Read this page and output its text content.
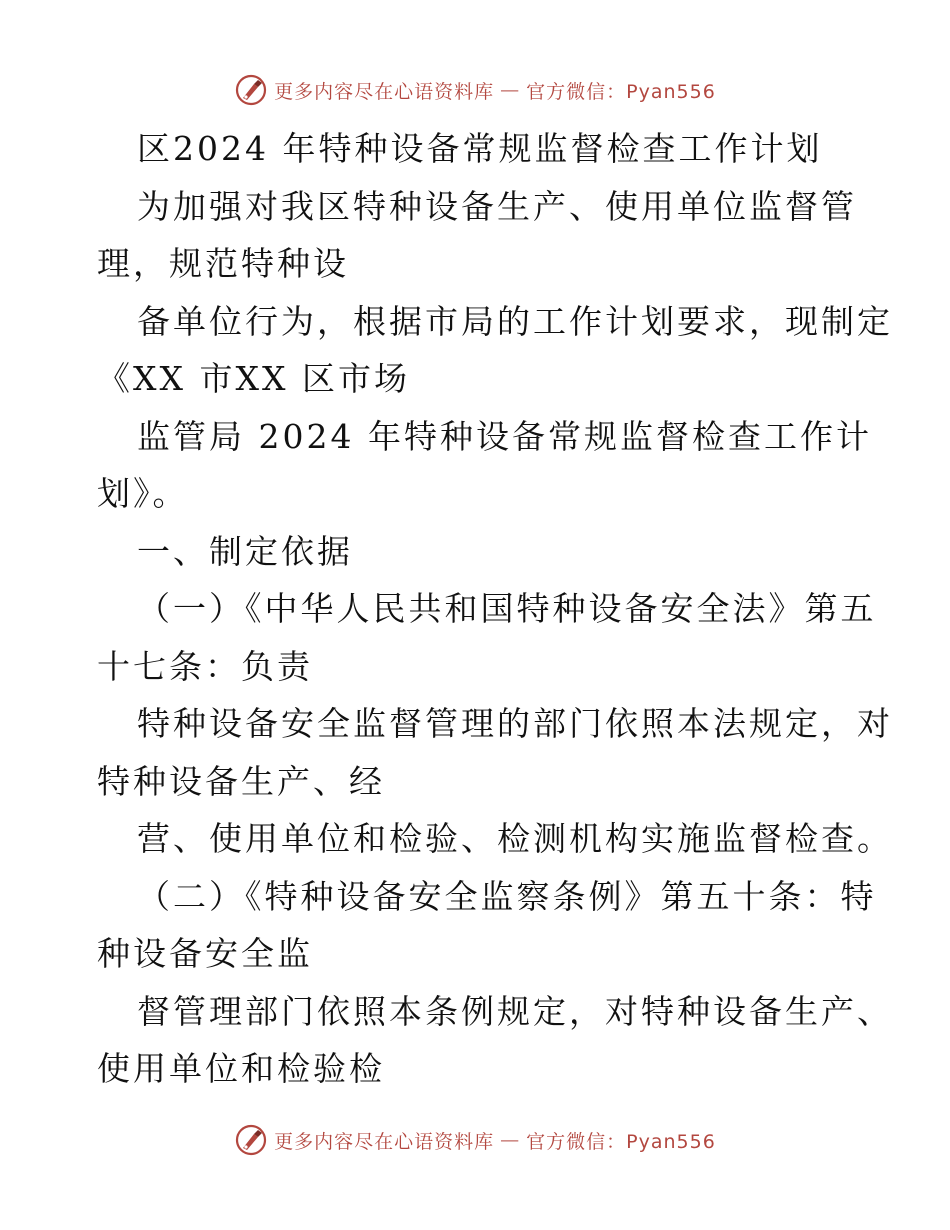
更多内容尽在心语资料库 — 官方微信：Pyan556
区2024 年特种设备常规监督检查工作计划
为加强对我区特种设备生产、使用单位监督管
理，规范特种设
备单位行为，根据市局的工作计划要求，现制定
《XX 市XX 区市场
监管局 2024 年特种设备常规监督检查工作计
划》。
一、制定依据
（一）《中华人民共和国特种设备安全法》第五
十七条：负责
特种设备安全监督管理的部门依照本法规定，对
特种设备生产、经
营、使用单位和检验、检测机构实施监督检查。
（二）《特种设备安全监察条例》第五十条：特
种设备安全监
督管理部门依照本条例规定，对特种设备生产、
使用单位和检验检
更多内容尽在心语资料库 — 官方微信：Pyan556
